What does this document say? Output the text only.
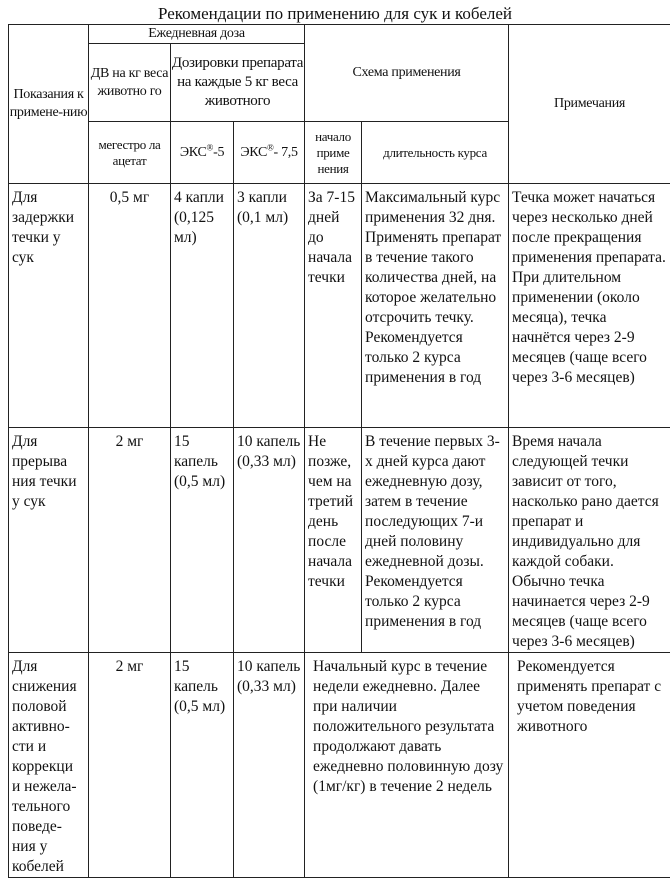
Рекомендации по применению для сук и кобелей
Показания к примене-нию	Ежедневная доза			Схема применения		Примечания
	ДВ на кг веса животно го	Дозировки препарата на каждые 5 кг веса животного				
	мегестро ла ацетат	ЭКС®-5	ЭКС®- 7,5	начало приме нения	длительность курса	
Для задержки течки у сук	0,5 мг	4 капли (0,125 мл)	3 капли (0,1 мл)	За 7-15 дней до начала течки	Максимальный курс применения 32 дня. Применять препарат в течение такого количества дней, на которое желательно отсрочить течку. Рекомендуется только 2 курса применения в год	Течка может начаться через несколько дней после прекращения применения препарата. При длительном применении (около месяца), течка начнётся через 2-9 месяцев (чаще всего через 3-6 месяцев)
Для прерыва ния течки у сук	2 мг	15 капель (0,5 мл)	10 капель (0,33 мл)	Не позже, чем на третий день после начала течки	В течение первых 3-х дней курса дают ежедневную дозу, затем в течение последующих 7-и дней половину ежедневной дозы. Рекомендуется только 2 курса применения в год	Время начала следующей течки зависит от того, насколько рано дается препарат и индивидуально для каждой собаки. Обычно течка начинается через 2-9 месяцев (чаще всего через 3-6 месяцев)
Для снижения половой активно-сти и коррекци и нежела-тельного поведе-ния у кобелей	2 мг	15 капель (0,5 мл)	10 капель (0,33 мл)	Начальный курс в течение недели ежедневно. Далее при наличии положительного результата продолжают давать ежедневно половинную дозу (1мг/кг) в течение 2 недель		Рекомендуется применять препарат с учетом поведения животного
